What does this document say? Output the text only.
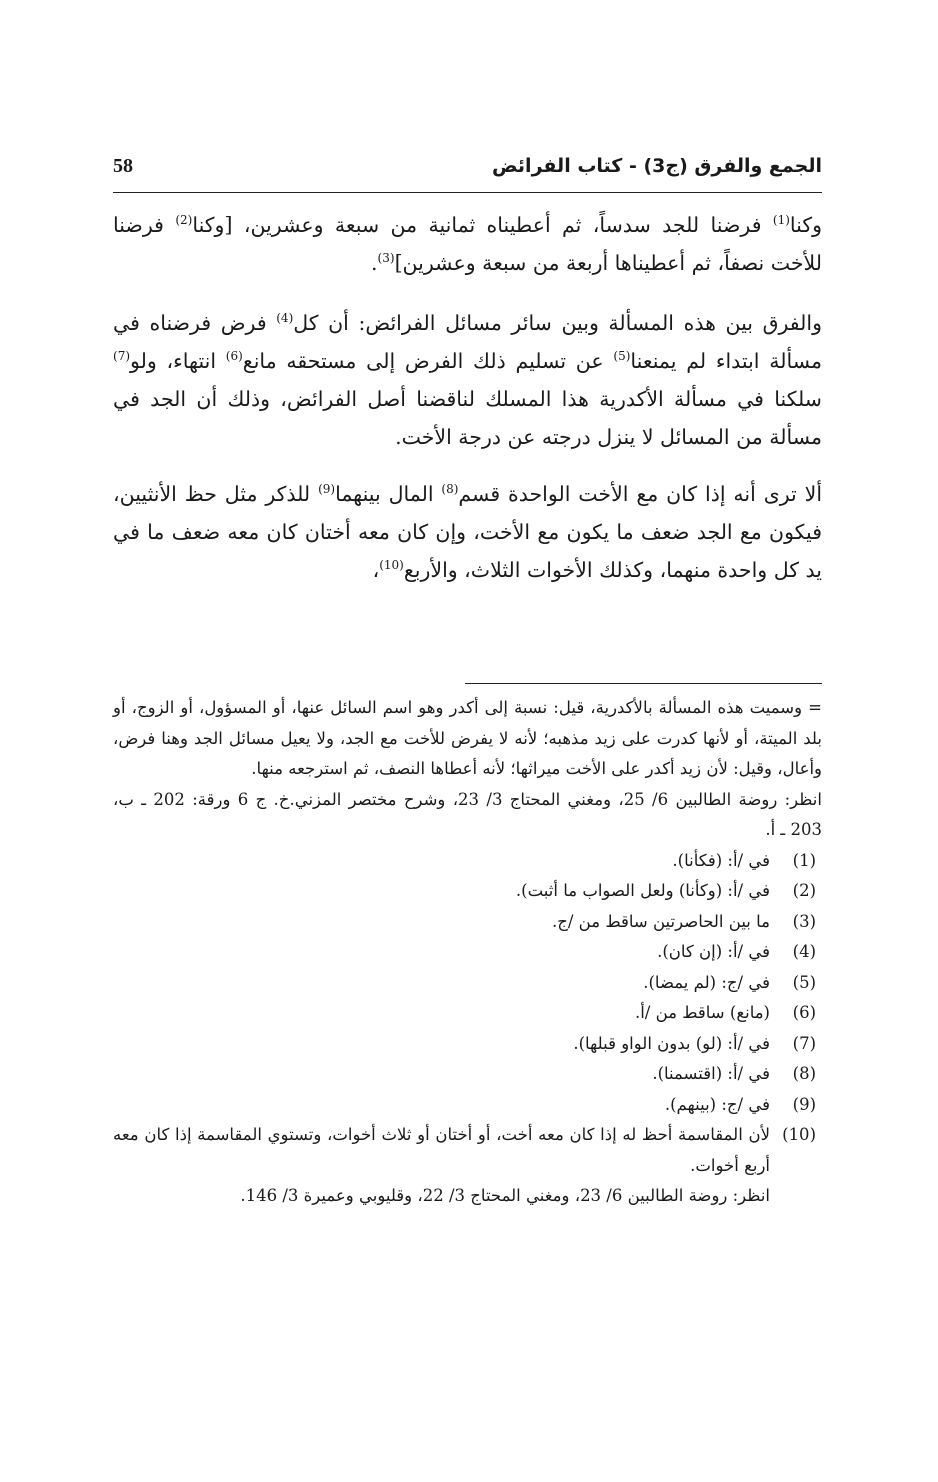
الجمع والفرق (ج3) - كتاب الفرائض
58

وكنا$^{(1)}$ فرضنا للجد سدساً، ثم أعطيناه ثمانية من سبعة وعشرين، [وكنا$^{(2)}$ فرضنا للأخت نصفاً، ثم أعطيناها أربعة من سبعة وعشرين]$^{(3)}$.

والفرق بين هذه المسألة وبين سائر مسائل الفرائض: أن كل$^{(4)}$ فرض فرضناه في مسألة ابتداء لم يمنعنا$^{(5)}$ عن تسليم ذلك الفرض إلى مستحقه مانع$^{(6)}$ انتهاء، ولو$^{(7)}$ سلكنا في مسألة الأكدرية هذا المسلك لناقضنا أصل الفرائض، وذلك أن الجد في مسألة من المسائل لا ينزل درجته عن درجة الأخت.

ألا ترى أنه إذا كان مع الأخت الواحدة قسم$^{(8)}$ المال بينهما$^{(9)}$ للذكر مثل حظ الأنثيين، فيكون مع الجد ضعف ما يكون مع الأخت، وإن كان معه أختان كان معه ضعف ما في يد كل واحدة منهما، وكذلك الأخوات الثلاث، والأربع$^{(10)}$،

= وسميت هذه المسألة بالأكدرية، قيل: نسبة إلى أكدر وهو اسم السائل عنها، أو المسؤول، أو الزوج، أو بلد الميتة، أو لأنها كدرت على زيد مذهبه؛ لأنه لا يفرض للأخت مع الجد، ولا يعيل مسائل الجد وهنا فرض، وأعال، وقيل: لأن زيد أكدر على الأخت ميراثها؛ لأنه أعطاها النصف، ثم استرجعه منها.

انظر: روضة الطالبين 6/ 25، ومغني المحتاج 3/ 23، وشرح مختصر المزني.خ. ج 6 ورقة: 202 ـ ب، 203 ـ أ.

(1)
في /أ: (فكأنا).
(2)
في /أ: (وكأنا) ولعل الصواب ما أثبت).
(3)
ما بين الحاصرتين ساقط من /ج.
(4)
في /أ: (إن كان).
(5)
في /ج: (لم يمضا).
(6)
(مانع) ساقط من /أ.
(7)
في /أ: (لو) بدون الواو قبلها).
(8)
في /أ: (اقتسمنا).
(9)
في /ج: (بينهم).
(10)
لأن المقاسمة أحظ له إذا كان معه أخت، أو أختان أو ثلاث أخوات، وتستوي المقاسمة إذا كان معه أربع أخوات.

انظر: روضة الطالبين 6/ 23، ومغني المحتاج 3/ 22، وقليوبي وعميرة 3/ 146.
